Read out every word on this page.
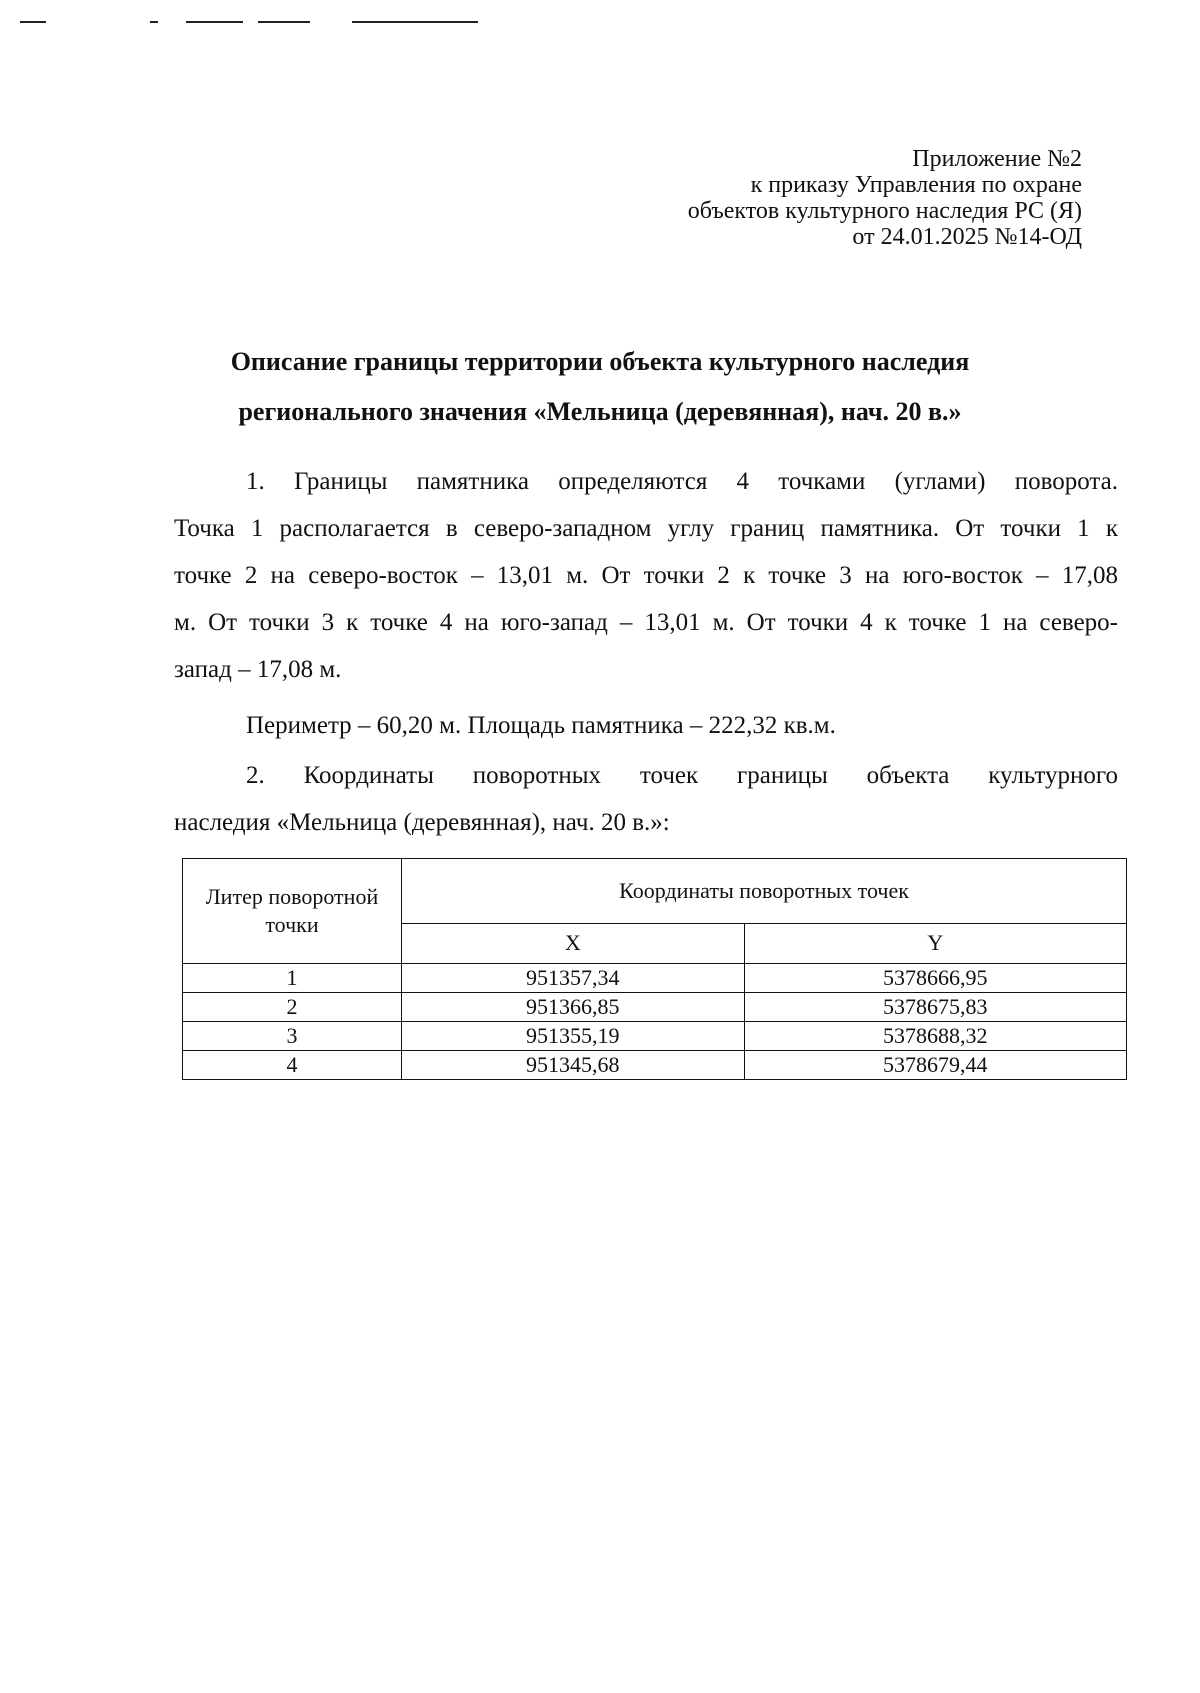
Приложение №2
к приказу Управления по охране
объектов культурного наследия РС (Я)
от 24.01.2025 №14-ОД
Описание границы территории объекта культурного наследия
регионального значения «Мельница (деревянная), нач. 20 в.»
1. Границы памятника определяются 4 точками (углами) поворота.
Точка 1 располагается в северо-западном углу границ памятника. От точки 1 к
точке 2 на северо-восток – 13,01 м. От точки 2 к точке 3 на юго-восток – 17,08
м. От точки 3 к точке 4 на юго-запад – 13,01 м. От точки 4 к точке 1 на северо-
запад – 17,08 м.
Периметр – 60,20 м. Площадь памятника – 222,32 кв.м.
2. Координаты поворотных точек границы объекта культурного
наследия «Мельница (деревянная), нач. 20 в.»:
Литер поворотной точки	Координаты поворотных точек	
	X	Y
1	951357,34	5378666,95
2	951366,85	5378675,83
3	951355,19	5378688,32
4	951345,68	5378679,44
